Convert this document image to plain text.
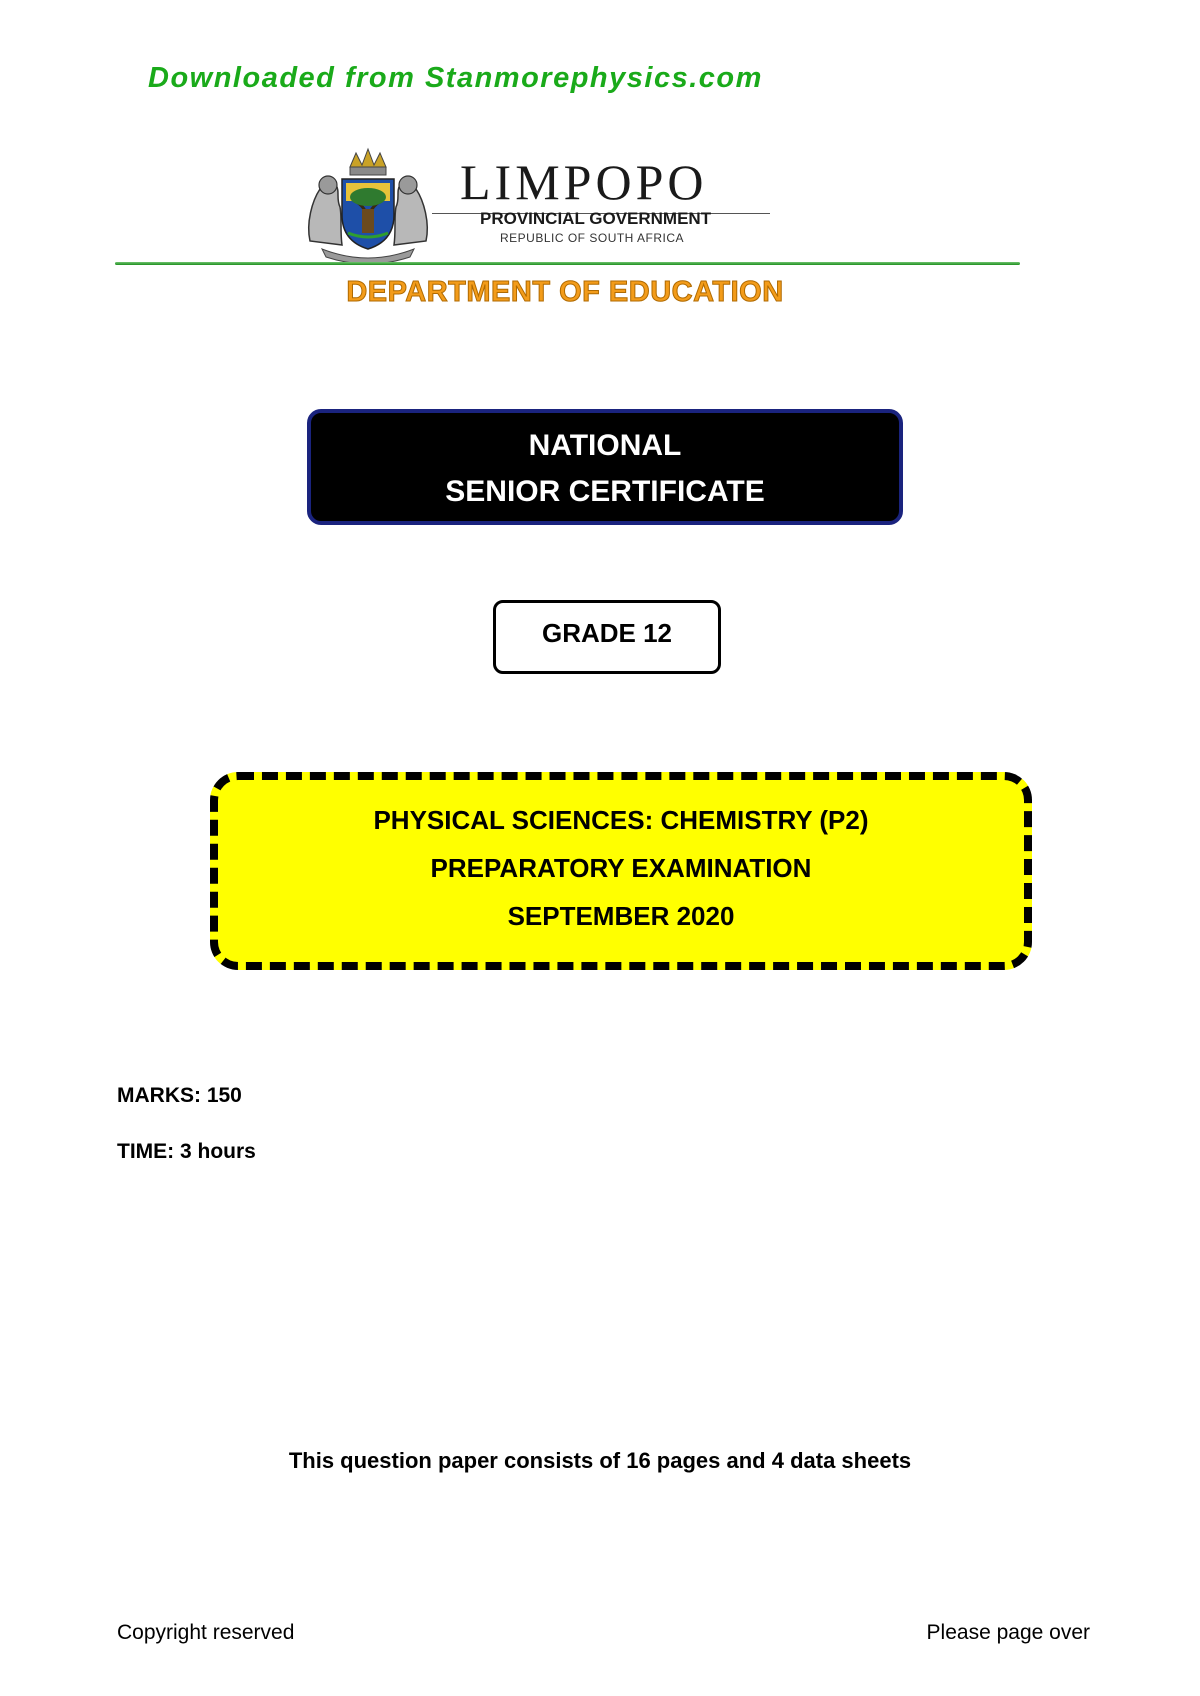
Downloaded from Stanmorephysics.com
LIMPOPO
PROVINCIAL GOVERNMENT
REPUBLIC OF SOUTH AFRICA
DEPARTMENT OF EDUCATION
NATIONAL
SENIOR CERTIFICATE
GRADE 12
PHYSICAL SCIENCES: CHEMISTRY (P2)
PREPARATORY EXAMINATION
SEPTEMBER 2020
MARKS: 150
TIME: 3 hours
This question paper consists of 16 pages and 4 data sheets
Copyright reserved	Please page over
